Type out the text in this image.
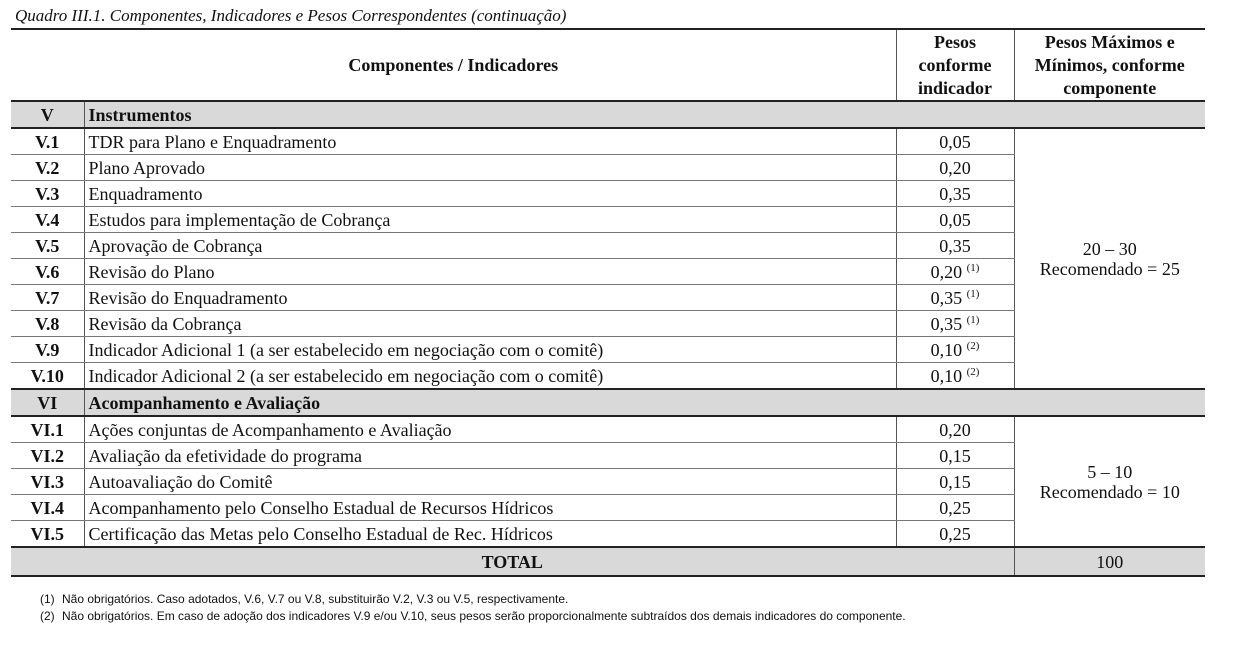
Quadro III.1. Componentes, Indicadores e Pesos Correspondentes (continuação)
Componentes / Indicadores		Pesos
conforme
indicador	Pesos Máximos e
Mínimos, conforme
componente
V	Instrumentos		
V.1	TDR para Plano e Enquadramento	0,05	20 – 30
Recomendado = 25
V.2	Plano Aprovado	0,20	
V.3	Enquadramento	0,35	
V.4	Estudos para implementação de Cobrança	0,05	
V.5	Aprovação de Cobrança	0,35	
V.6	Revisão do Plano	0,20 $^{(1)}$
V.7	Revisão do Enquadramento	0,35 $^{(1)}$
V.8	Revisão da Cobrança	0,35 $^{(1)}$
V.9	Indicador Adicional 1 (a ser estabelecido em negociação com o comitê)	0,10 $^{(2)}$
V.10	Indicador Adicional 2 (a ser estabelecido em negociação com o comitê)	0,10 $^{(2)}$
VI	Acompanhamento e Avaliação		
VI.1	Ações conjuntas de Acompanhamento e Avaliação	0,20	5 – 10
Recomendado = 10
VI.2	Avaliação da efetividade do programa	0,15	
VI.3	Autoavaliação do Comitê	0,15	
VI.4	Acompanhamento pelo Conselho Estadual de Recursos Hídricos	0,25	
VI.5	Certificação das Metas pelo Conselho Estadual de Rec. Hídricos	0,25	
TOTAL			100
(1) Não obrigatórios. Caso adotados, V.6, V.7 ou V.8, substituirão V.2, V.3 ou V.5, respectivamente.
(2) Não obrigatórios. Em caso de adoção dos indicadores V.9 e/ou V.10, seus pesos serão proporcionalmente subtraídos dos demais indicadores do componente.
